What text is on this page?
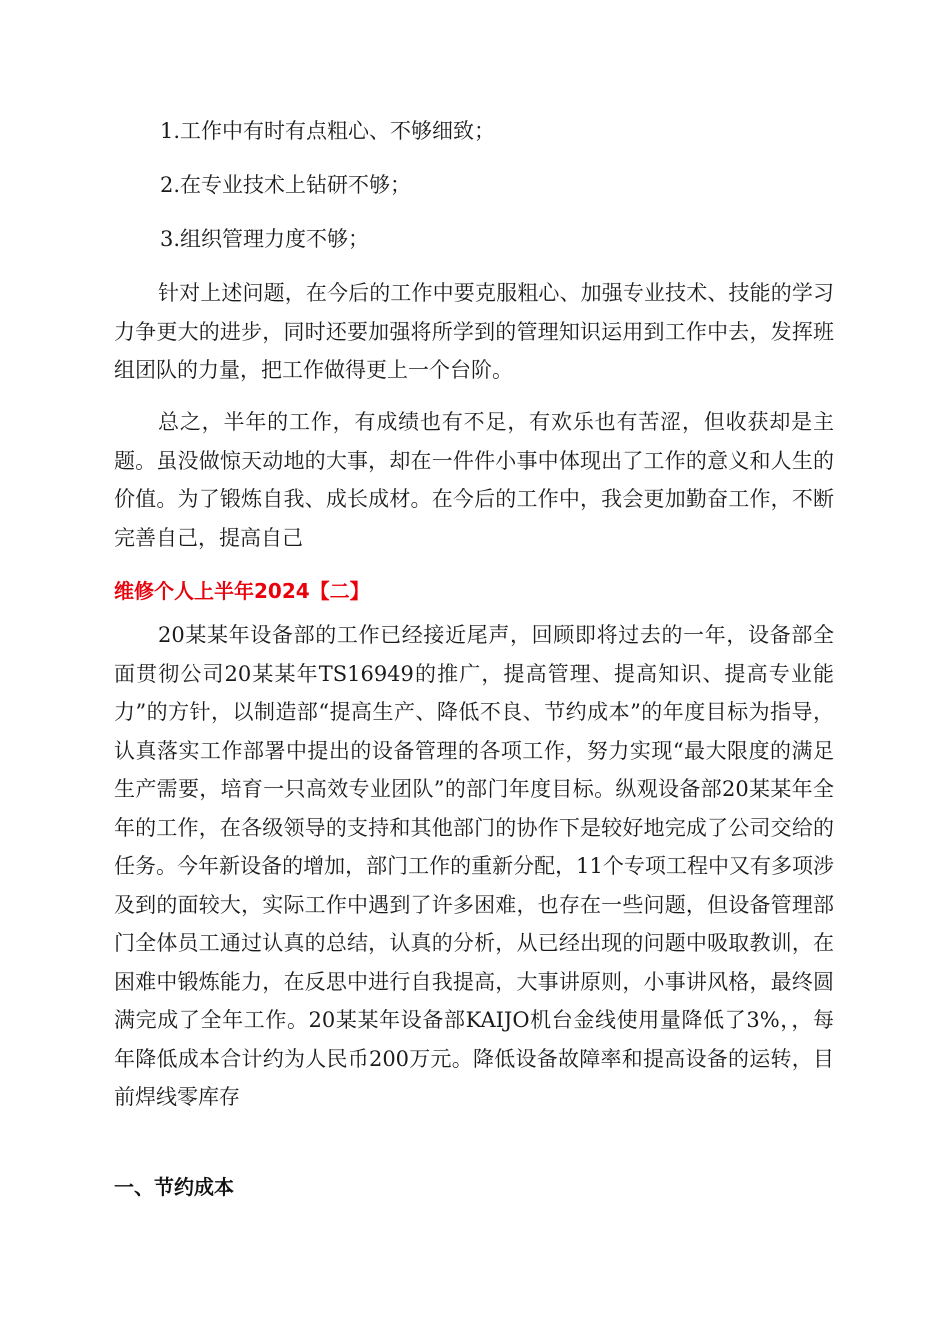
1.工作中有时有点粗心、不够细致；
2.在专业技术上钻研不够；
3.组织管理力度不够；
针对上述问题，在今后的工作中要克服粗心、加强专业技术、技能的学习力争更大的进步，同时还要加强将所学到的管理知识运用到工作中去，发挥班组团队的力量，把工作做得更上一个台阶。
总之，半年的工作，有成绩也有不足，有欢乐也有苦涩，但收获却是主题。虽没做惊天动地的大事，却在一件件小事中体现出了工作的意义和人生的价值。为了锻炼自我、成长成材。在今后的工作中，我会更加勤奋工作，不断完善自己，提高自己
维修个人上半年2024【二】
20某某年设备部的工作已经接近尾声，回顾即将过去的一年，设备部全面贯彻公司20某某年TS16949的推广，提高管理、提高知识、提高专业能力”的方针，以制造部“提高生产、降低不良、节约成本”的年度目标为指导，认真落实工作部署中提出的设备管理的各项工作，努力实现“最大限度的满足生产需要，培育一只高效专业团队”的部门年度目标。纵观设备部20某某年全年的工作，在各级领导的支持和其他部门的协作下是较好地完成了公司交给的任务。今年新设备的增加，部门工作的重新分配，11个专项工程中又有多项涉及到的面较大，实际工作中遇到了许多困难，也存在一些问题，但设备管理部门全体员工通过认真的总结，认真的分析，从已经出现的问题中吸取教训，在困难中锻炼能力，在反思中进行自我提高，大事讲原则，小事讲风格，最终圆满完成了全年工作。20某某年设备部KAIJO机台金线使用量降低了3%，，每年降低成本合计约为人民币200万元。降低设备故障率和提高设备的运转，目前焊线零库存
一、节约成本
